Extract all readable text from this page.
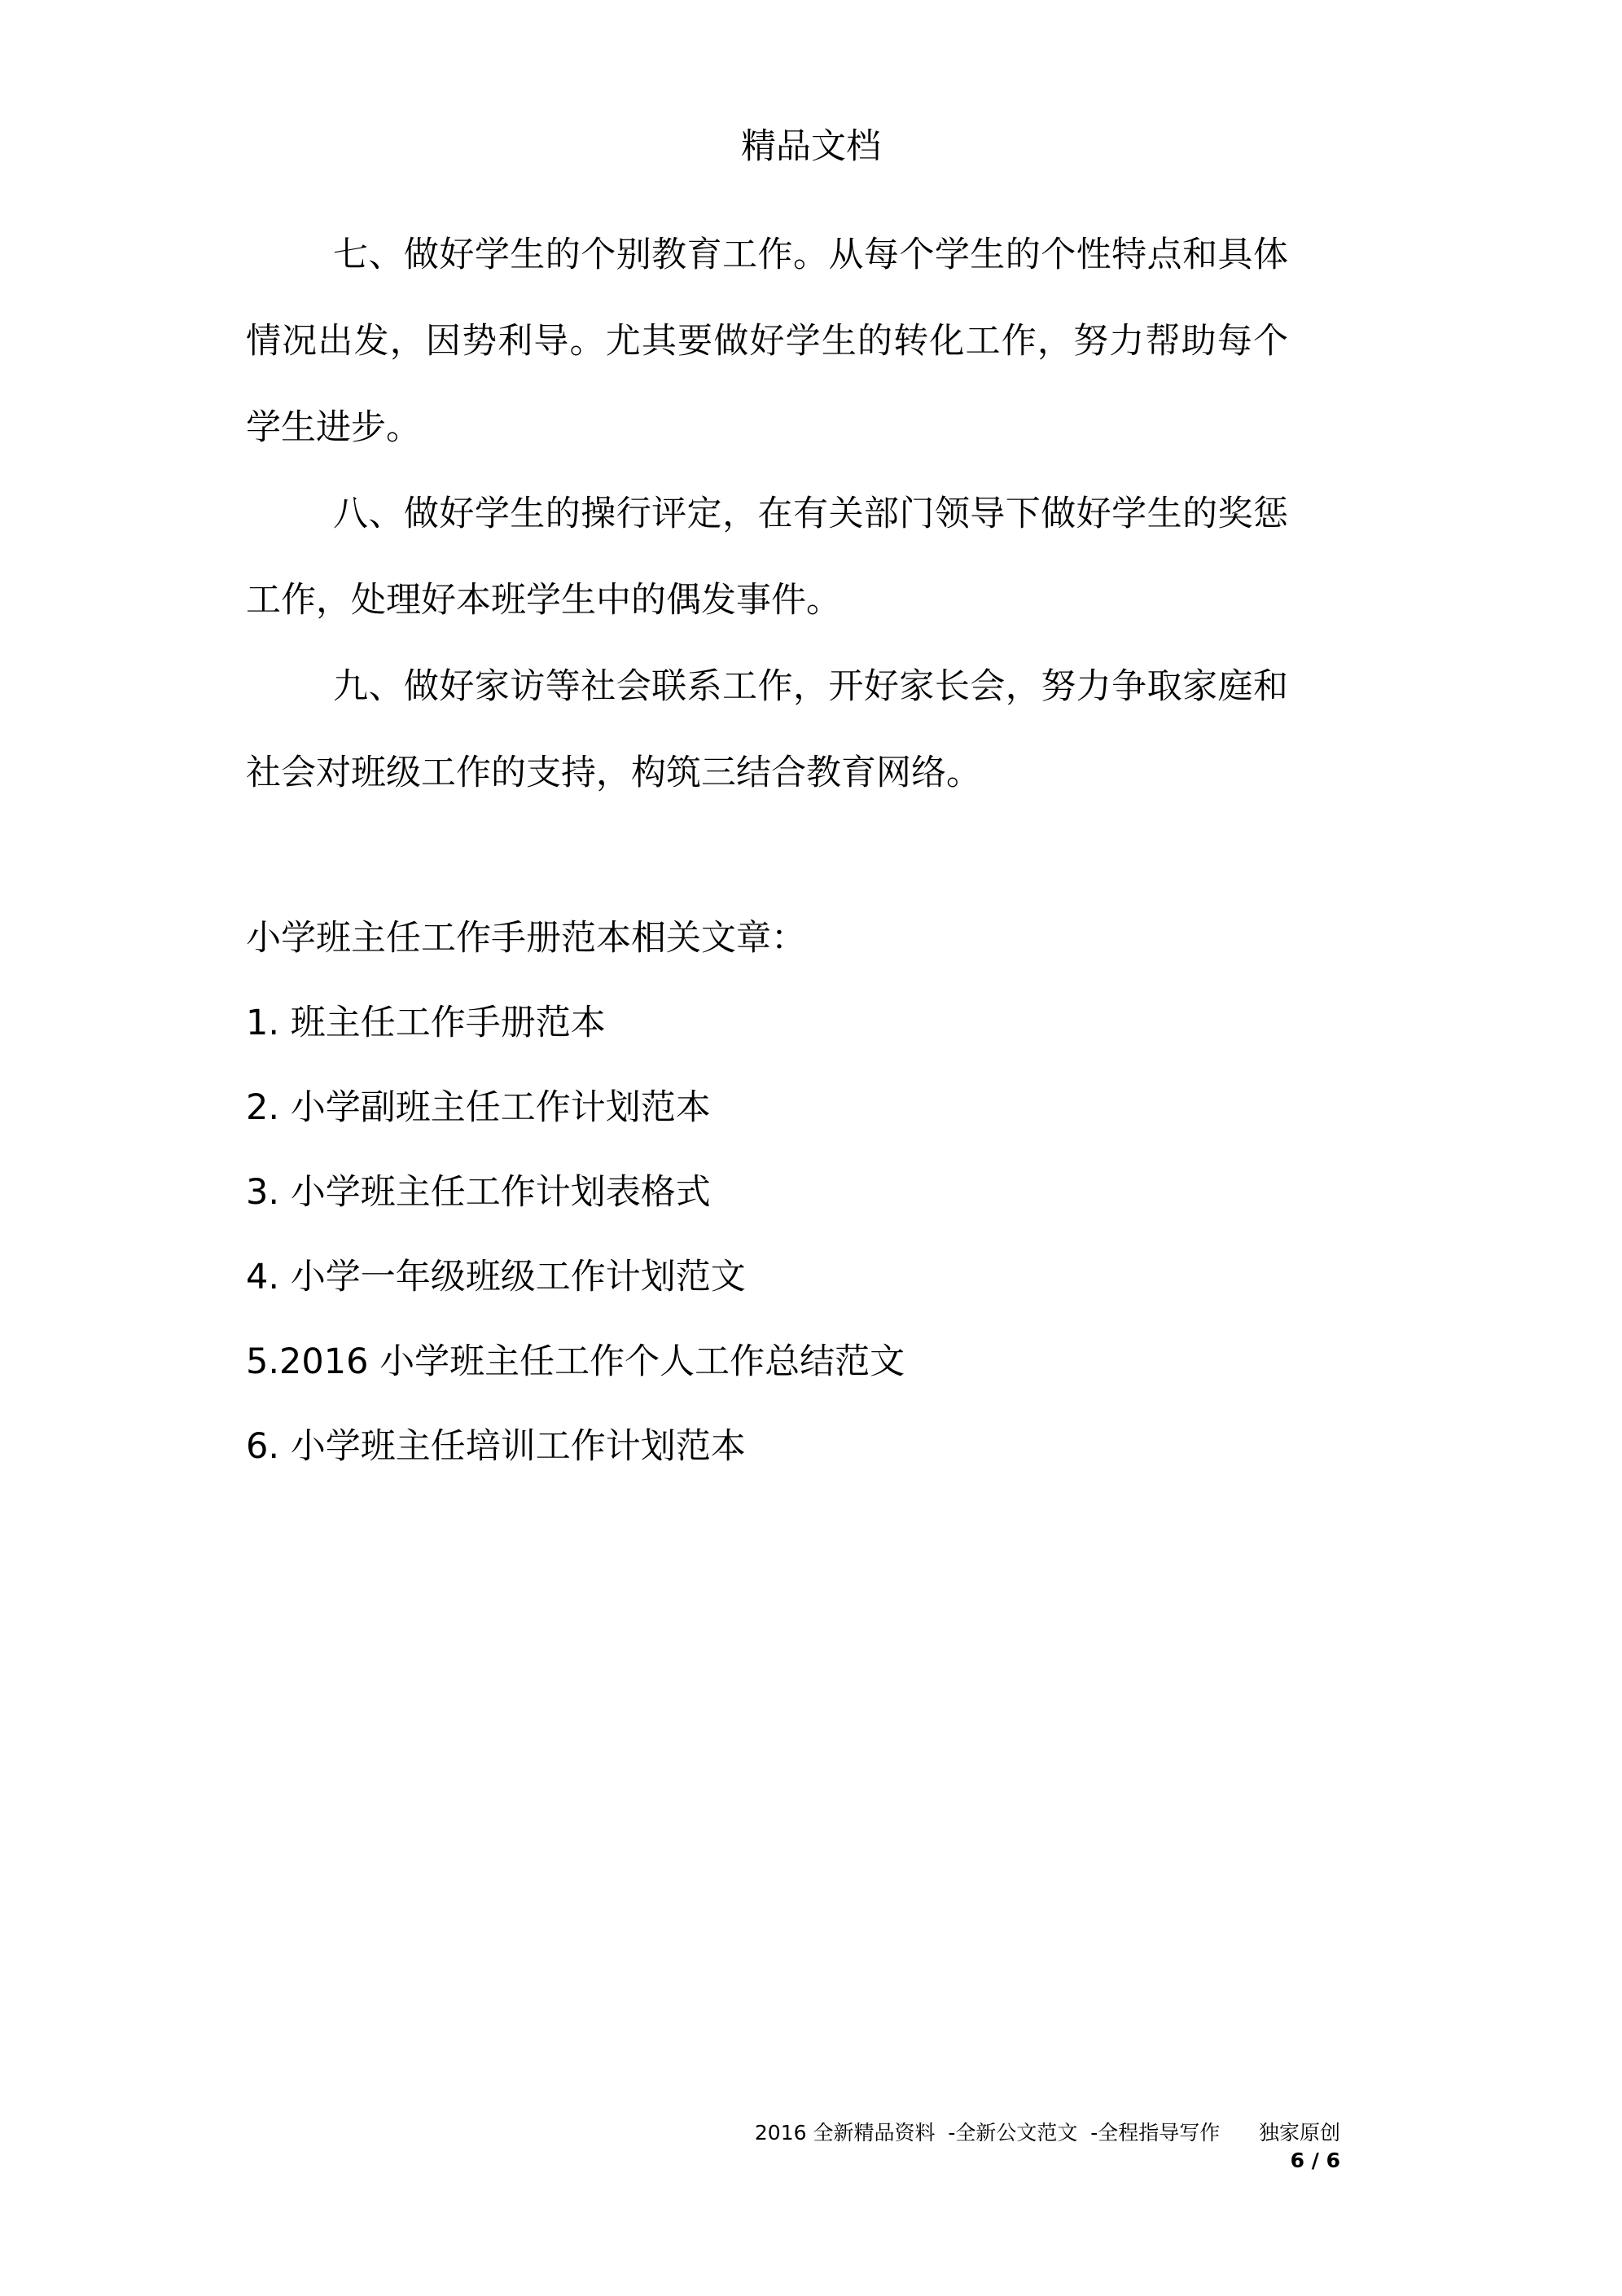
精品文档

七、做好学生的个别教育工作。从每个学生的个性特点和具体情况出发，因势利导。尤其要做好学生的转化工作，努力帮助每个学生进步。

八、做好学生的操行评定，在有关部门领导下做好学生的奖惩工作，处理好本班学生中的偶发事件。

九、做好家访等社会联系工作，开好家长会，努力争取家庭和社会对班级工作的支持，构筑三结合教育网络。

小学班主任工作手册范本相关文章：

1. 班主任工作手册范本
2. 小学副班主任工作计划范本
3. 小学班主任工作计划表格式
4. 小学一年级班级工作计划范文
5.2016 小学班主任工作个人工作总结范文
6. 小学班主任培训工作计划范本
2016 全新精品资料  -全新公文范文  -全程指导写作      独家原创
6 / 6
